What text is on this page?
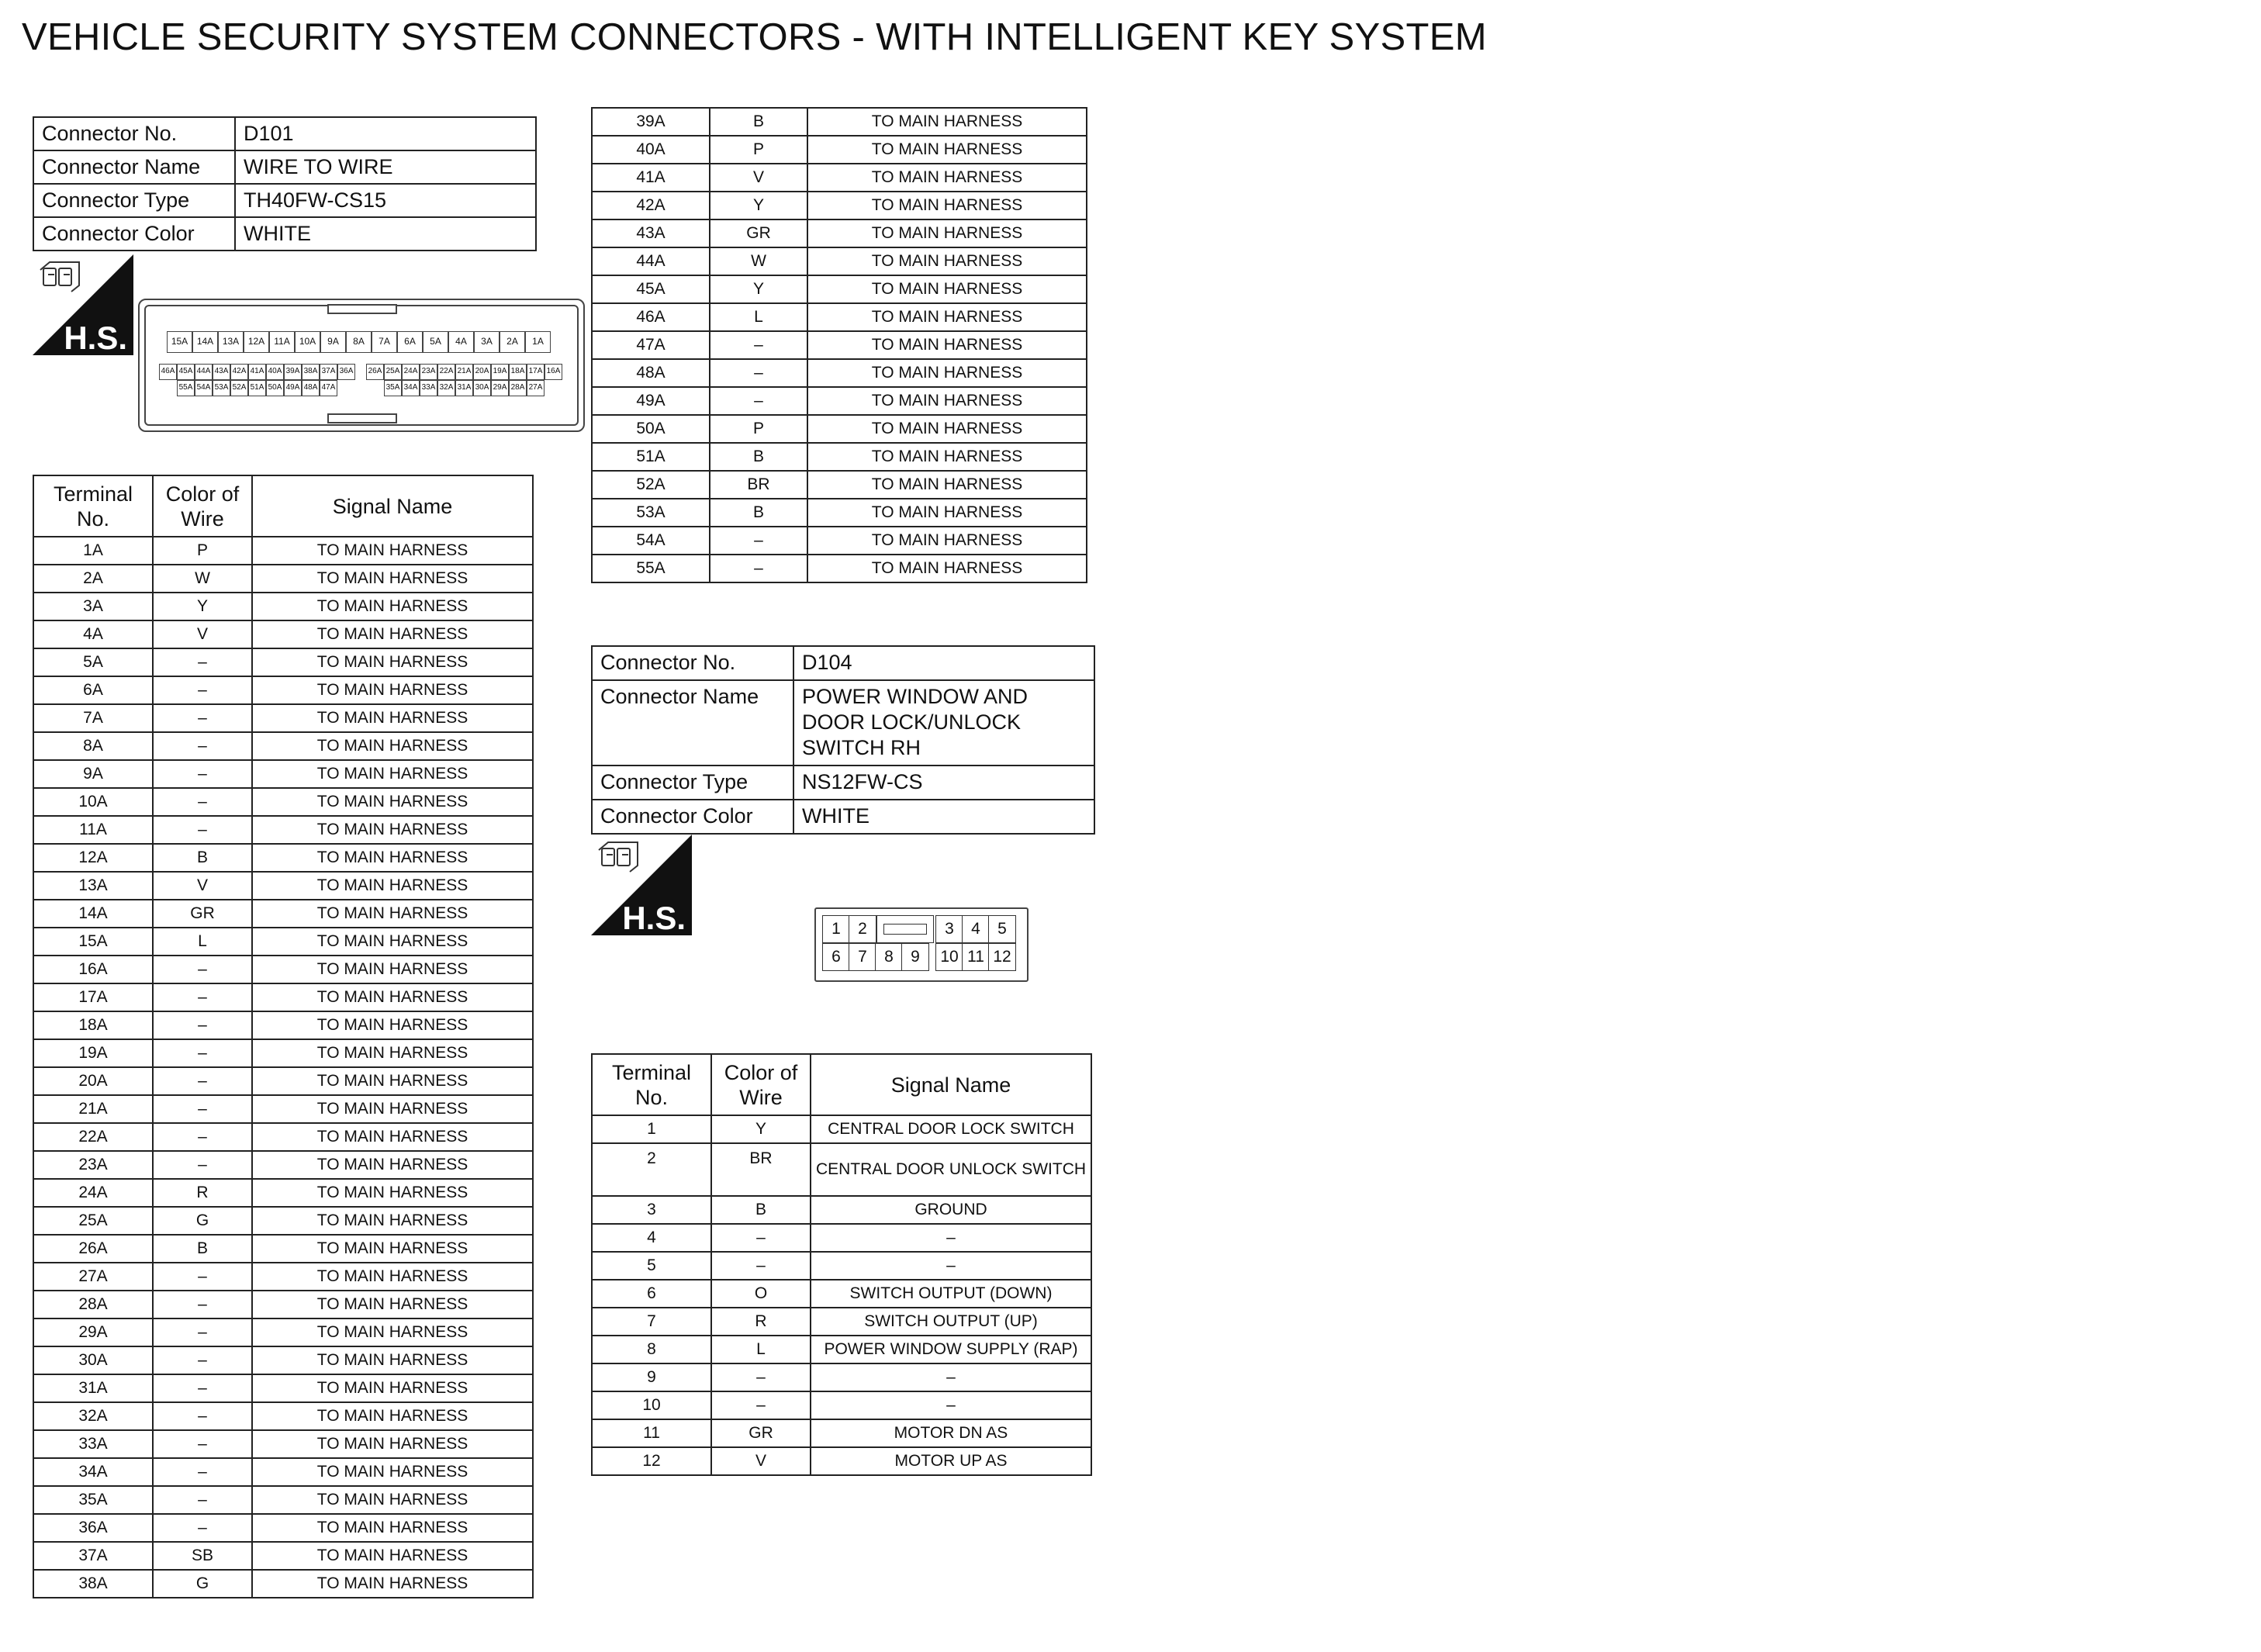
VEHICLE SECURITY SYSTEM CONNECTORS - WITH INTELLIGENT KEY SYSTEM
Connector No.	D101
Connector Name	WIRE TO WIRE
Connector Type	TH40FW-CS15
Connector Color	WHITE
H.S.	15A 14A 13A 12A	11A	10A	9A	8A	7A	6A	5A	4A	3A	2A	1A
46A 45A 44A 43A 42A 41A 40A 39A 38A 37A 36A 26A 25A 24A 23A 22A 21A 20A 19A 18A 17A 16A
55A 54A 53A 52A 51A 50A 49A 48A 47A	35A 34A 33A 32A 31A 30A 29A 28A 27A
Terminal No.	Color of Wire	Signal Name
1A	P	TO MAIN HARNESS
2A	W	TO MAIN HARNESS
3A	Y	TO MAIN HARNESS
4A	V	TO MAIN HARNESS
5A	–	TO MAIN HARNESS
6A	–	TO MAIN HARNESS
7A	–	TO MAIN HARNESS
8A	–	TO MAIN HARNESS
9A	–	TO MAIN HARNESS
10A	–	TO MAIN HARNESS
11A	–	TO MAIN HARNESS
12A	B	TO MAIN HARNESS
13A	V	TO MAIN HARNESS
14A	GR	TO MAIN HARNESS
15A	L	TO MAIN HARNESS
16A	–	TO MAIN HARNESS
17A	–	TO MAIN HARNESS
18A	–	TO MAIN HARNESS
19A	–	TO MAIN HARNESS
20A	–	TO MAIN HARNESS
21A	–	TO MAIN HARNESS
22A	–	TO MAIN HARNESS
23A	–	TO MAIN HARNESS
24A	R	TO MAIN HARNESS
25A	G	TO MAIN HARNESS
26A	B	TO MAIN HARNESS
27A	–	TO MAIN HARNESS
28A	–	TO MAIN HARNESS
29A	–	TO MAIN HARNESS
30A	–	TO MAIN HARNESS
31A	–	TO MAIN HARNESS
32A	–	TO MAIN HARNESS
33A	–	TO MAIN HARNESS
34A	–	TO MAIN HARNESS
35A	–	TO MAIN HARNESS
36A	–	TO MAIN HARNESS
37A	SB	TO MAIN HARNESS
38A	G	TO MAIN HARNESS
39A	B	TO MAIN HARNESS
40A	P	TO MAIN HARNESS
41A	V	TO MAIN HARNESS
42A	Y	TO MAIN HARNESS
43A	GR	TO MAIN HARNESS
44A	W	TO MAIN HARNESS
45A	Y	TO MAIN HARNESS
46A	L	TO MAIN HARNESS
47A	–	TO MAIN HARNESS
48A	–	TO MAIN HARNESS
49A	–	TO MAIN HARNESS
50A	P	TO MAIN HARNESS
51A	B	TO MAIN HARNESS
52A	BR	TO MAIN HARNESS
53A	B	TO MAIN HARNESS
54A	–	TO MAIN HARNESS
55A	–	TO MAIN HARNESS
Connector No.	D104
Connector Name	POWER WINDOW AND DOOR LOCK/UNLOCK SWITCH RH
Connector Type	NS12FW-CS
Connector Color	WHITE
H.S.	1	2	3	4	5
6	7	8	9	10 11 12
Terminal No.	Color of Wire	Signal Name
1	Y	CENTRAL DOOR LOCK SWITCH
2	BR	CENTRAL DOOR UNLOCK SWITCH
3	B	GROUND
4	–	–
5	–	–
6	O	SWITCH OUTPUT (DOWN)
7	R	SWITCH OUTPUT (UP)
8	L	POWER WINDOW SUPPLY (RAP)
9	–	–
10	–	–
11	GR	MOTOR DN AS
12	V	MOTOR UP AS
